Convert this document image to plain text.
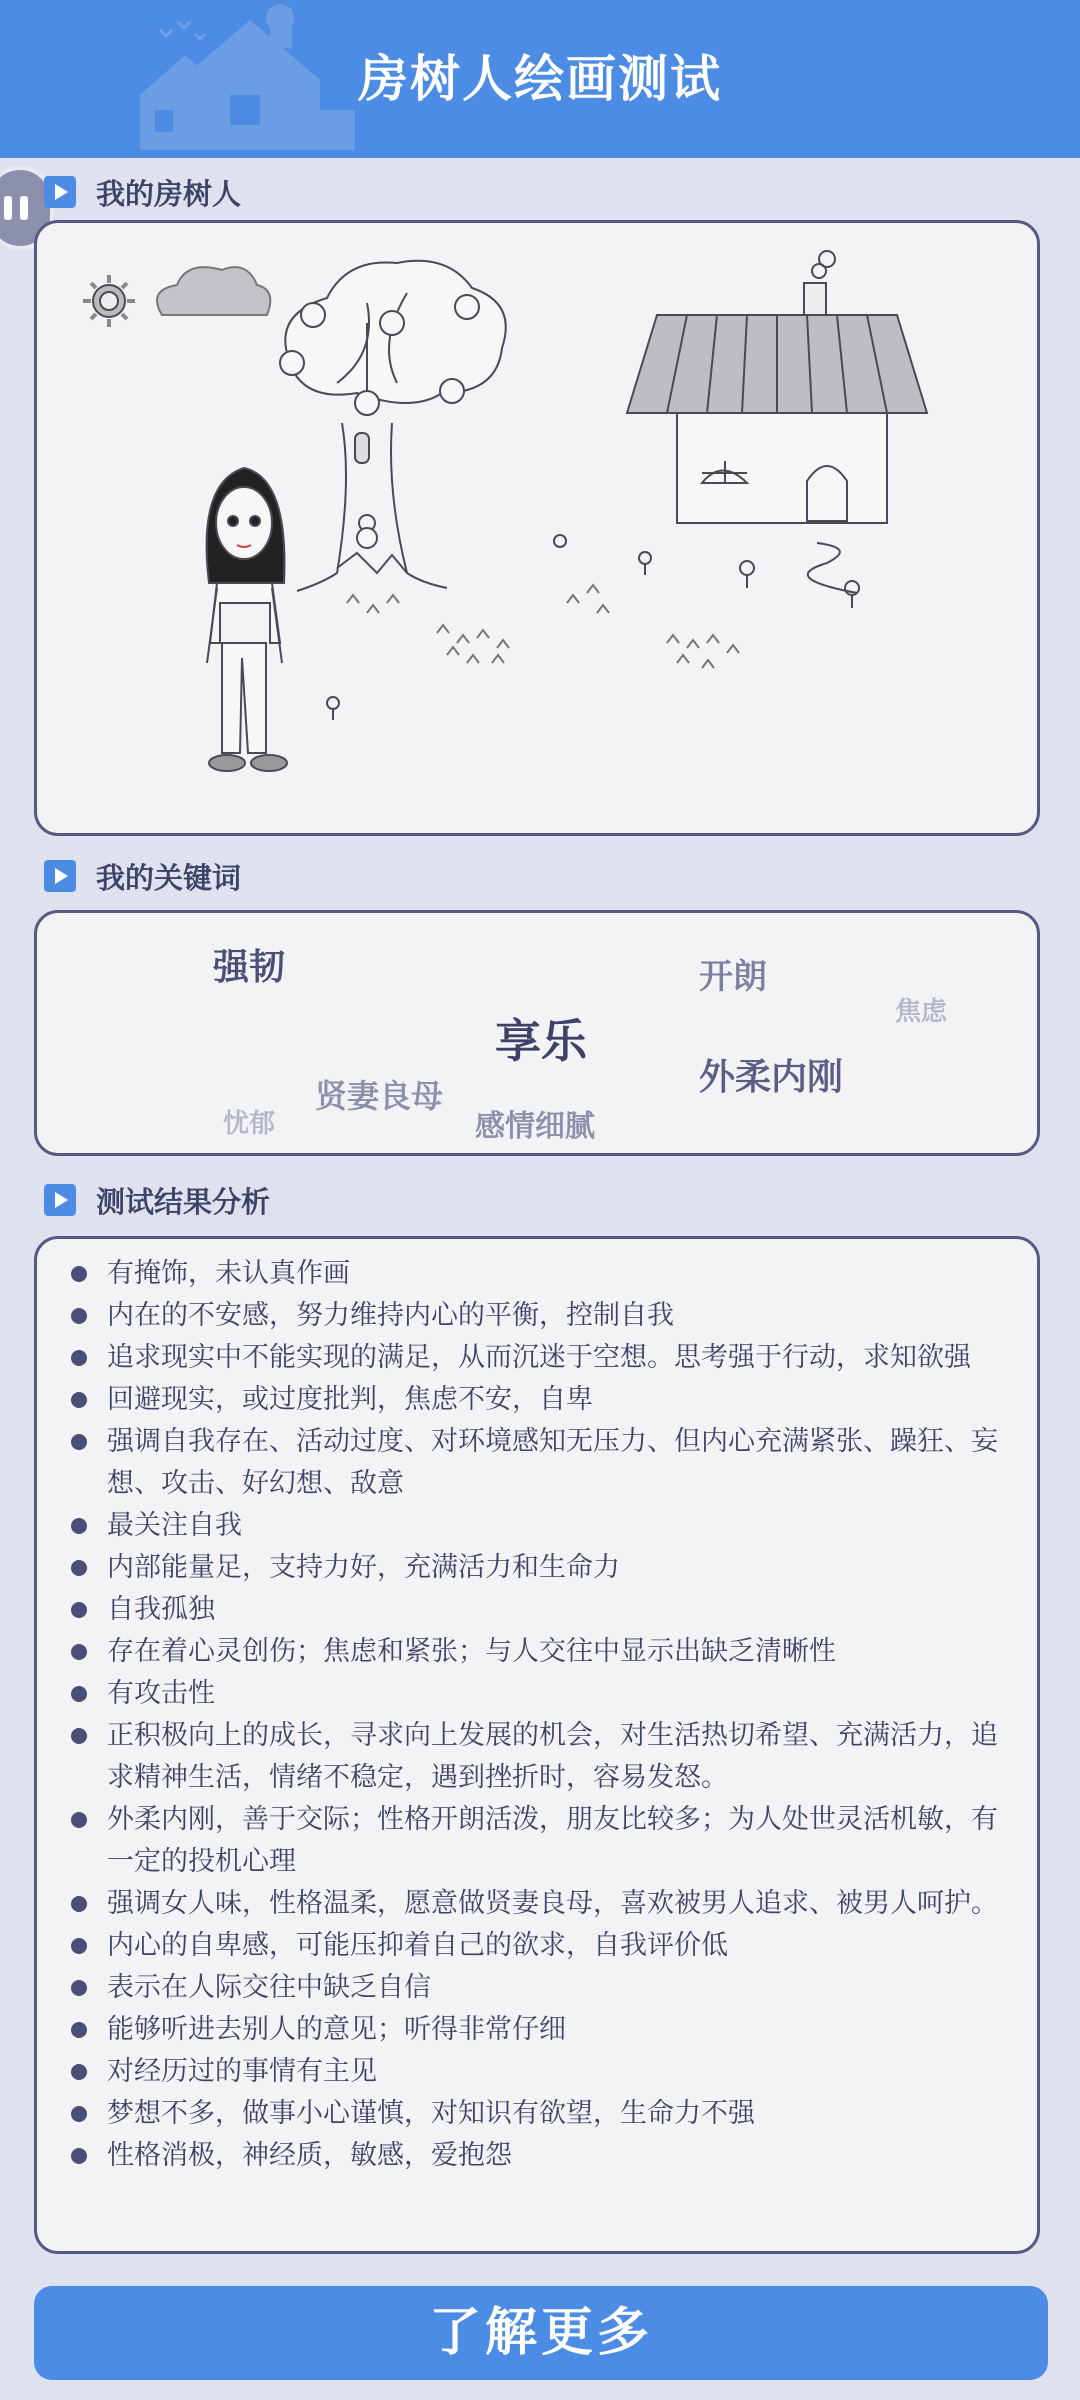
房树人绘画测试
我的房树人
我的关键词
强韧	开朗
焦虑
享乐
外柔内刚
贤妻良母
忧郁	感情细腻
测试结果分析
有掩饰，未认真作画
内在的不安感，努力维持内心的平衡，控制自我
追求现实中不能实现的满足，从而沉迷于空想。思考强于行动，求知欲强
回避现实，或过度批判，焦虑不安，自卑
强调自我存在、活动过度、对环境感知无压力、但内心充满紧张、躁狂、妄想、攻击、好幻想、敌意
最关注自我
内部能量足，支持力好，充满活力和生命力
自我孤独
存在着心灵创伤；焦虑和紧张；与人交往中显示出缺乏清晰性
有攻击性
正积极向上的成长，寻求向上发展的机会，对生活热切希望、充满活力，追求精神生活，情绪不稳定，遇到挫折时，容易发怒。
外柔内刚，善于交际；性格开朗活泼，朋友比较多；为人处世灵活机敏，有一定的投机心理
强调女人味，性格温柔，愿意做贤妻良母，喜欢被男人追求、被男人呵护。
内心的自卑感，可能压抑着自己的欲求，自我评价低
表示在人际交往中缺乏自信
能够听进去别人的意见；听得非常仔细
对经历过的事情有主见
梦想不多，做事小心谨慎，对知识有欲望，生命力不强
性格消极，神经质，敏感，爱抱怨
了解更多
